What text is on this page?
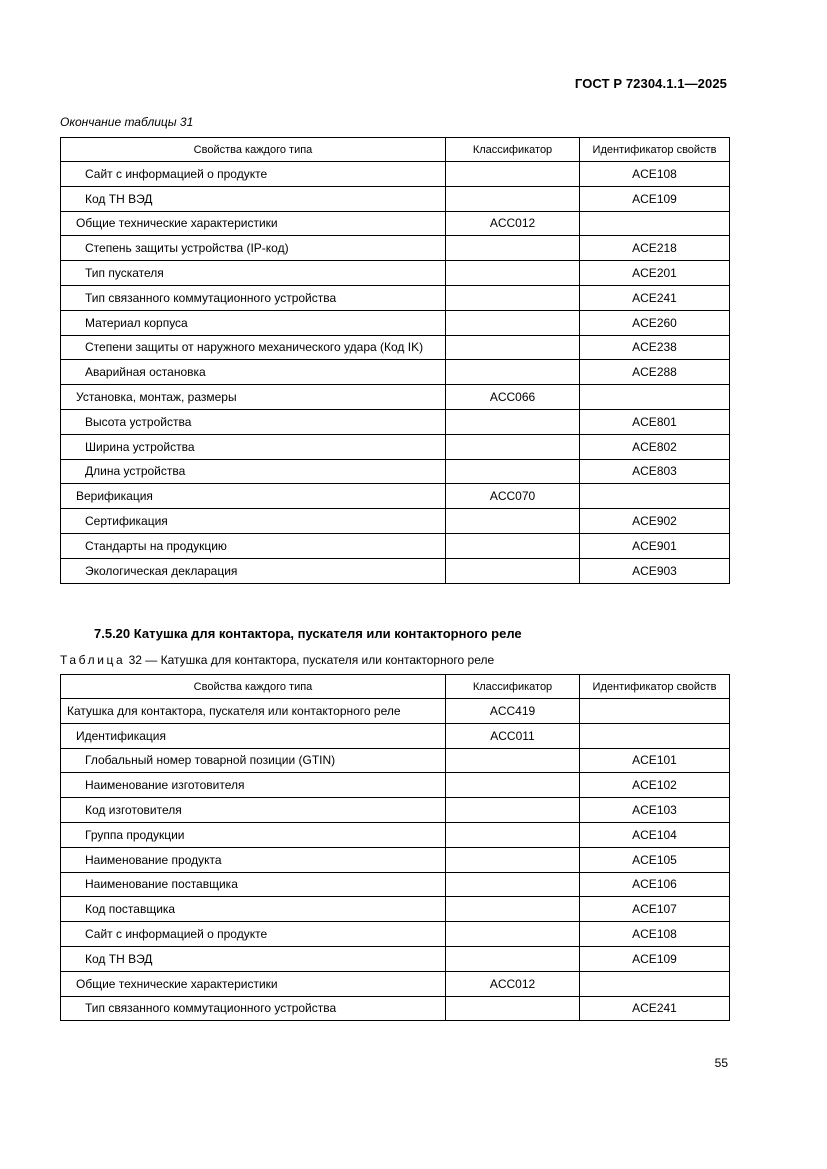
ГОСТ Р 72304.1.1—2025
Окончание таблицы 31
Свойства каждого типа	Классификатор	Идентификатор свойств
Сайт с информацией о продукте		ACE108
Код ТН ВЭД		ACE109
Общие технические характеристики	ACC012	
Степень защиты устройства (IP-код)		ACE218
Тип пускателя		ACE201
Тип связанного коммутационного устройства		ACE241
Материал корпуса		ACE260
Степени защиты от наружного механического удара (Код IK)		ACE238
Аварийная остановка		ACE288
Установка, монтаж, размеры	ACC066	
Высота устройства		ACE801
Ширина устройства		ACE802
Длина устройства		ACE803
Верификация	ACC070	
Сертификация		ACE902
Стандарты на продукцию		ACE901
Экологическая декларация		ACE903
7.5.20 Катушка для контактора, пускателя или контакторного реле
Таблица 32 — Катушка для контактора, пускателя или контакторного реле
Свойства каждого типа	Классификатор	Идентификатор свойств
Катушка для контактора, пускателя или контакторного реле	ACC419	
Идентификация	ACC011	
Глобальный номер товарной позиции (GTIN)		ACE101
Наименование изготовителя		ACE102
Код изготовителя		ACE103
Группа продукции		ACE104
Наименование продукта		ACE105
Наименование поставщика		ACE106
Код поставщика		ACE107
Сайт с информацией о продукте		ACE108
Код ТН ВЭД		ACE109
Общие технические характеристики	ACC012	
Тип связанного коммутационного устройства		ACE241
55
